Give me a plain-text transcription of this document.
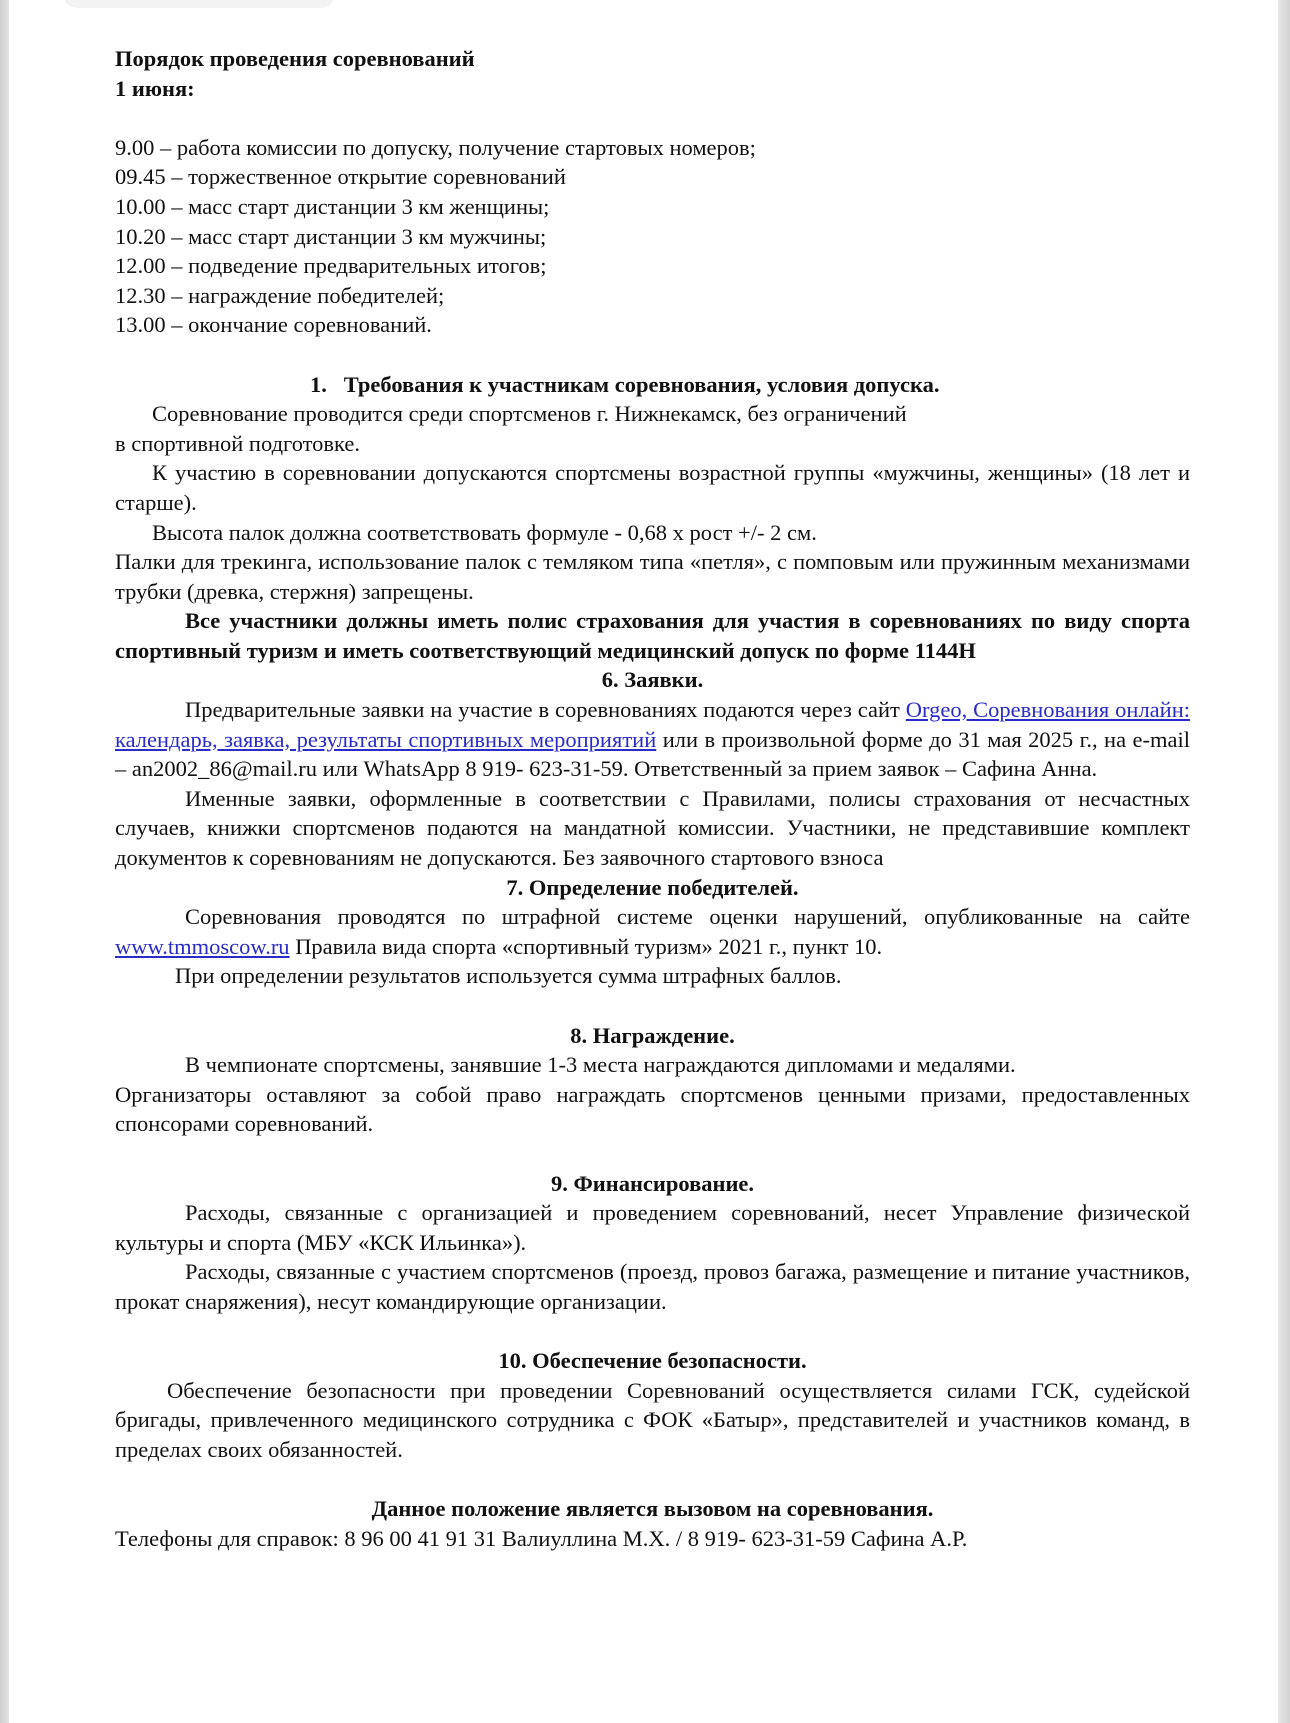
Порядок проведения соревнований

1 июня:

9.00 – работа комиссии по допуску, получение стартовых номеров;

09.45 – торжественное открытие соревнований

10.00 – масс старт дистанции 3 км женщины;

10.20 – масс старт дистанции 3 км мужчины;

12.00 – подведение предварительных итогов;

12.30 – награждение победителей;

13.00 – окончание соревнований.

1. Требования к участникам соревнования, условия допуска.

Соревнование проводится среди спортсменов г. Нижнекамск, без ограничений

в спортивной подготовке.

К участию в соревновании допускаются спортсмены возрастной группы «мужчины, женщины» (18 лет и старше).

Высота палок должна соответствовать формуле - 0,68 х рост +/- 2 см.

Палки для трекинга, использование палок с темляком типа «петля», с помповым или пружинным механизмами трубки (древка, стержня) запрещены.

Все участники должны иметь полис страхования для участия в соревнованиях по виду спорта спортивный туризм и иметь соответствующий медицинский допуск по форме 1144Н

6. Заявки.

Предварительные заявки на участие в соревнованиях подаются через сайт Orgeo, Соревнования онлайн: календарь, заявка, результаты спортивных мероприятий или в произвольной форме до 31 мая 2025 г., на e-mail – an2002_86@mail.ru или WhatsApp 8 919- 623-31-59. Ответственный за прием заявок – Сафина Анна.

Именные заявки, оформленные в соответствии с Правилами, полисы страхования от несчастных случаев, книжки спортсменов подаются на мандатной комиссии. Участники, не представившие комплект документов к соревнованиям не допускаются. Без заявочного стартового взноса

7. Определение победителей.

Соревнования проводятся по штрафной системе оценки нарушений, опубликованные на сайте www.tmmoscow.ru Правила вида спорта «спортивный туризм» 2021 г., пункт 10.

При определении результатов используется сумма штрафных баллов.

8. Награждение.

В чемпионате спортсмены, занявшие 1-3 места награждаются дипломами и медалями.

Организаторы оставляют за собой право награждать спортсменов ценными призами, предоставленных спонсорами соревнований.

9. Финансирование.

Расходы, связанные с организацией и проведением соревнований, несет Управление физической культуры и спорта (МБУ «КСК Ильинка»).

Расходы, связанные с участием спортсменов (проезд, провоз багажа, размещение и питание участников, прокат снаряжения), несут командирующие организации.

10. Обеспечение безопасности.

Обеспечение безопасности при проведении Соревнований осуществляется силами ГСК, судейской бригады, привлеченного медицинского сотрудника с ФОК «Батыр», представителей и участников команд, в пределах своих обязанностей.

Данное положение является вызовом на соревнования.

Телефоны для справок: 8 96 00 41 91 31 Валиуллина М.Х. / 8 919- 623-31-59 Сафина А.Р.
